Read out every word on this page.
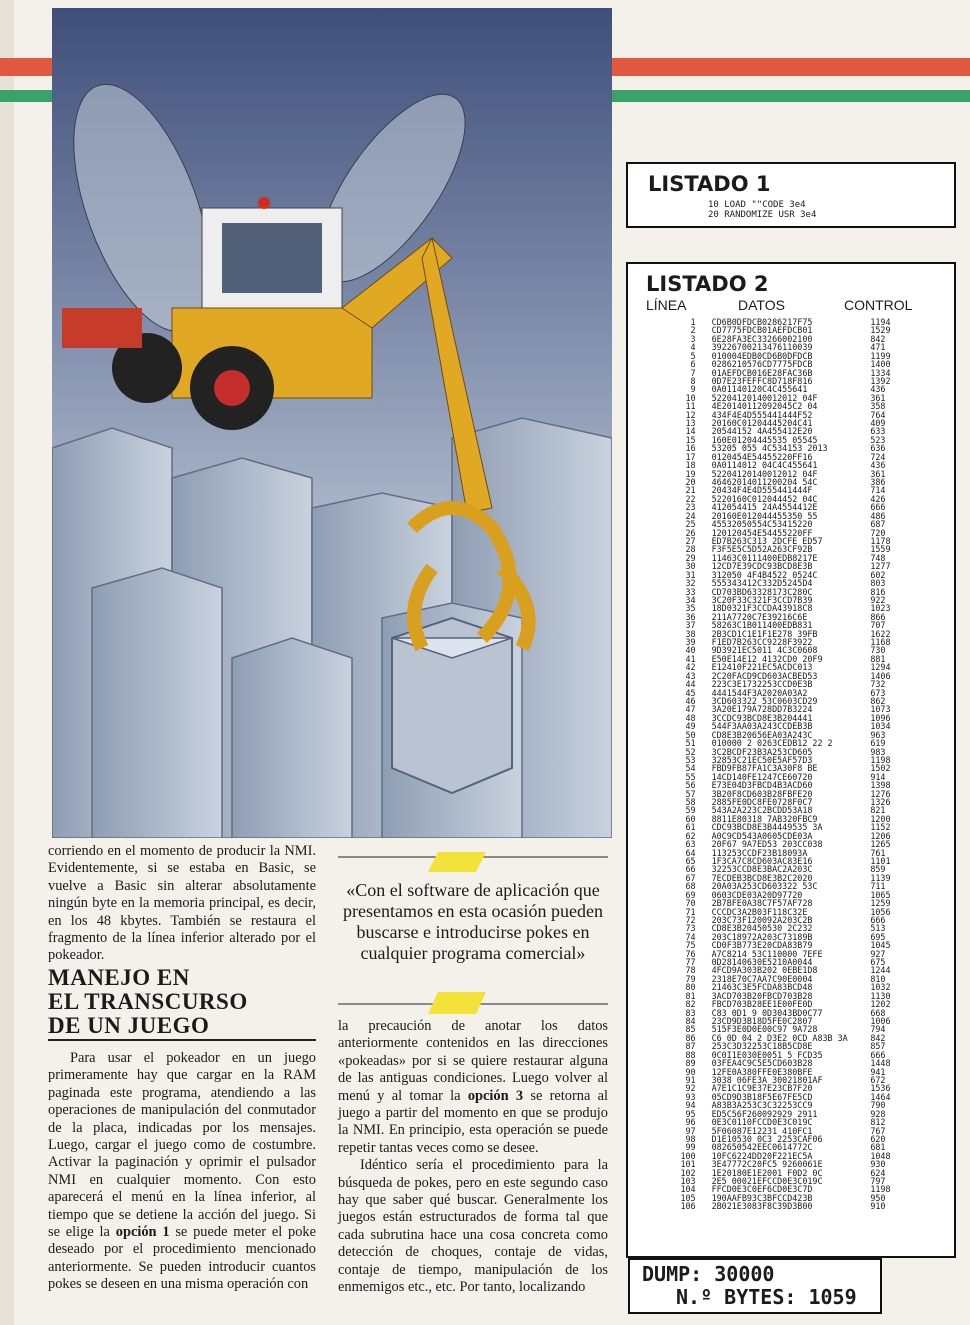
corriendo en el momento de producir la NMI. Evidentemente, si se estaba en Basic, se vuelve a Basic sin alterar absolutamente ningún byte en la memoria principal, es decir, en los 48 kbytes. También se restaura el fragmento de la línea inferior alterado por el pokeador.

MANEJO EN
EL TRANSCURSO
DE UN JUEGO

Para usar el pokeador en un juego primeramente hay que cargar en la RAM paginada este programa, atendiendo a las operaciones de manipulación del conmutador de la placa, indicadas por los mensajes. Luego, cargar el juego como de costumbre. Activar la paginación y oprimir el pulsador NMI en cualquier momento. Con esto aparecerá el menú en la línea inferior, al tiempo que se detiene la acción del juego. Si se elige la opción 1 se puede meter el poke deseado por el procedimiento mencionado anteriormente. Se pueden introducir cuantos pokes se deseen en una misma operación con

«Con el software de aplicación que presentamos en esta ocasión pueden buscarse e introducirse pokes en cualquier programa comercial»

la precaución de anotar los datos anteriormente contenidos en las direcciones «pokeadas» por si se quiere restaurar alguna de las antiguas condiciones. Luego volver al menú y al tomar la opción 3 se retorna al juego a partir del momento en que se produjo la NMI. En principio, esta operación se puede repetir tantas veces como se desee.

Idéntico sería el procedimiento para la búsqueda de pokes, pero en este segundo caso hay que saber qué buscar. Generalmente los juegos están estructurados de forma tal que cada subrutina hace una cosa concreta como detección de choques, contaje de vidas, contaje de tiempo, manipulación de los enmemigos etc., etc. Por tanto, localizando

LISTADO 1
10 LOAD ""CODE 3e4
20 RANDOMIZE USR 3e4
LISTADO 2
LÍNEA	DATOS	CONTROL
1	CD6B0DFDCB0286217F75	1194
2	CD7775FDCB01AEFDCB01	1529
3	6E28FA3EC33266002100	842
4	39226700213476110039	471
5	010004EDB0CD6B0DFDCB	1199
6	0286210576CD7775FDCB	1400
7	01AEFDCB016E28FAC36B	1334
8	0D7E23FEFFC8D718F816	1392
9	0A01140120C4C455641	436
10	52204120140012012 04F	361
11	4E20140112092045C2 04	358
12	434F4E4D555441444F52	764
13	20160C01204445204C41	409
14	20544152 4A455412E20	633
15	160E01204445535 05545	523
16	53205 055 4C534153 2013	636
17	0120454E54455220FF16	724
18	0A0114012 04C4C455641	436
19	52204120140012012 04F	361
20	46462014011200204 54C	386
21	20434F4E4D555441444F	714
22	5220160C012044452 04C	426
23	412054415 24A4554412E	666
24	20160E012044455350 55	486
25	45532050554C53415220	687
26	120120454E54455220FF	720
27	ED7B263C313 2DCFE ED57	1178
28	F3F5E5C5D52A263CF92B	1559
29	11463C0111400EDB8217E	748
30	12CD7E39CDC93BCD8E3B	1277
31	312050 4F4B4522 0524C	602
32	555343412C332D5245D4	803
33	CD703BD63328173C280C	816
34	3C20F33C321F3CCD7B39	922
35	18D0321F3CCDA43918C8	1023
36	211A7720C7E39216C6E	866
37	58263C1B011400EDB831	707
38	2B3CD1C1E1F1E278 39FB	1622
39	F1ED7B263CC9228F3922	1168
40	9D3921EC5011 4C3C0608	730
41	E50E14E12 4132CD0 20F9	881
42	E12410F221EC5ACDC013	1294
43	2C20FACD9CD603ACBED53	1406
44	223C3E1732253CCD0E3B	732
45	4441544F3A2020A03A2	673
46	3CD603322 53C0603CD29	862
47	3A20E179A728DD7B3224	1073
48	3CCDC93BCD8E3B204441	1096
49	544F3AA03A243CCDEB3B	1034
50	CD8E3B20656EA03A243C	963
51	010000 2 0263CEDB12 22 2	619
52	3C2BCDF23B3A253CD605	983
53	32853C21EC50E5AF57D3	1198
54	FBD9FB87FA1C3A30F8 BE	1502
55	14CD140FE1247CE60720	914
56	E73E04D3FBCD4B3ACD60	1398
57	3B20F8CD603B28FBFE20	1276
58	2885FE0DC8FE0728F0C7	1326
59	543A2A223C2BCDD53A18	821
60	8811E80318 7AB320FBC9	1200
61	CDC93BCD8E3B4449535 3A	1152
62	A0C9CD543A0605CDE03A	1206
63	20F67 9A7ED53 203CC038	1265
64	113253CCDF23B18093A	761
65	1F3CA7C8CD603AC83E16	1101
66	32253CCD8E3BAC2A203C	859
67	7ECDEB3BCD8E3B2C2020	1139
68	20A03A253CD603322 53C	711
69	0603CDE03A20D97720	1065
70	2B7BFE0A38C7F57AF728	1259
71	CCCDC3A2B03F118C32E	1056
72	203C73F120092A203C2B	666
73	CD8E3B20450530 2C232	513
74	203C18972A203C73189B	695
75	CD0F3B773E20CDA83B79	1045
76	A7C8214 53C110000 7EFE	927
77	0D28140630E5210A0044	675
78	4FCD9A303B202 0EBE1D8	1244
79	2318E70C7AA7C90E0004	810
80	21463C3E5FCDA83BCD48	1032
81	3ACD703B20FBCD703B28	1130
82	FBCD703B28EE1E00FE0D	1202
83	C83 0D1 9 0D3043BD0C77	668
84	23CD9D3B18D5FE0C2807	1006
85	515F3E0D0E00C97 9A728	794
86	C6 0D 04 2 D3E2 0CD A83B 3A	842
87	253C3D32253C18B5CD8E	857
88	0C0I1E030E0051 5 FCD35	666
89	03FEA4C9C5E5CD603B28	1448
90	12FE0A380FFE0E380BFE	941
91	3038 06FE3A 30021801AF	672
92	A7E1C1C9E37E23CB7F20	1536
93	05CD9D3B18F5E67FE5CD	1464
94	A83B3A253C3C32253CC9	790
95	ED5C56F260092929 2911	928
96	0E3C0110FCCD0E3C019C	812
97	5F06087E12231 410FC1	767
98	D1E10530 0C3 2253CAF06	620
99	082650542EEC0614772C	681
100	10FC6224DD20F221EC5A	1048
101	3E47772C20FC5 9260061E	930
102	1E20180E1E2001 F0D2 0C	624
103	2E5 00021EFCCD0E3C019C	797
104	FFCD0E3C0EF6CD0E3C7D	1198
105	190AAFB93C3BFCCD423B	950
106	2B021E3083F8C39D3B00	910
DUMP: 30000
N.º BYTES: 1059
